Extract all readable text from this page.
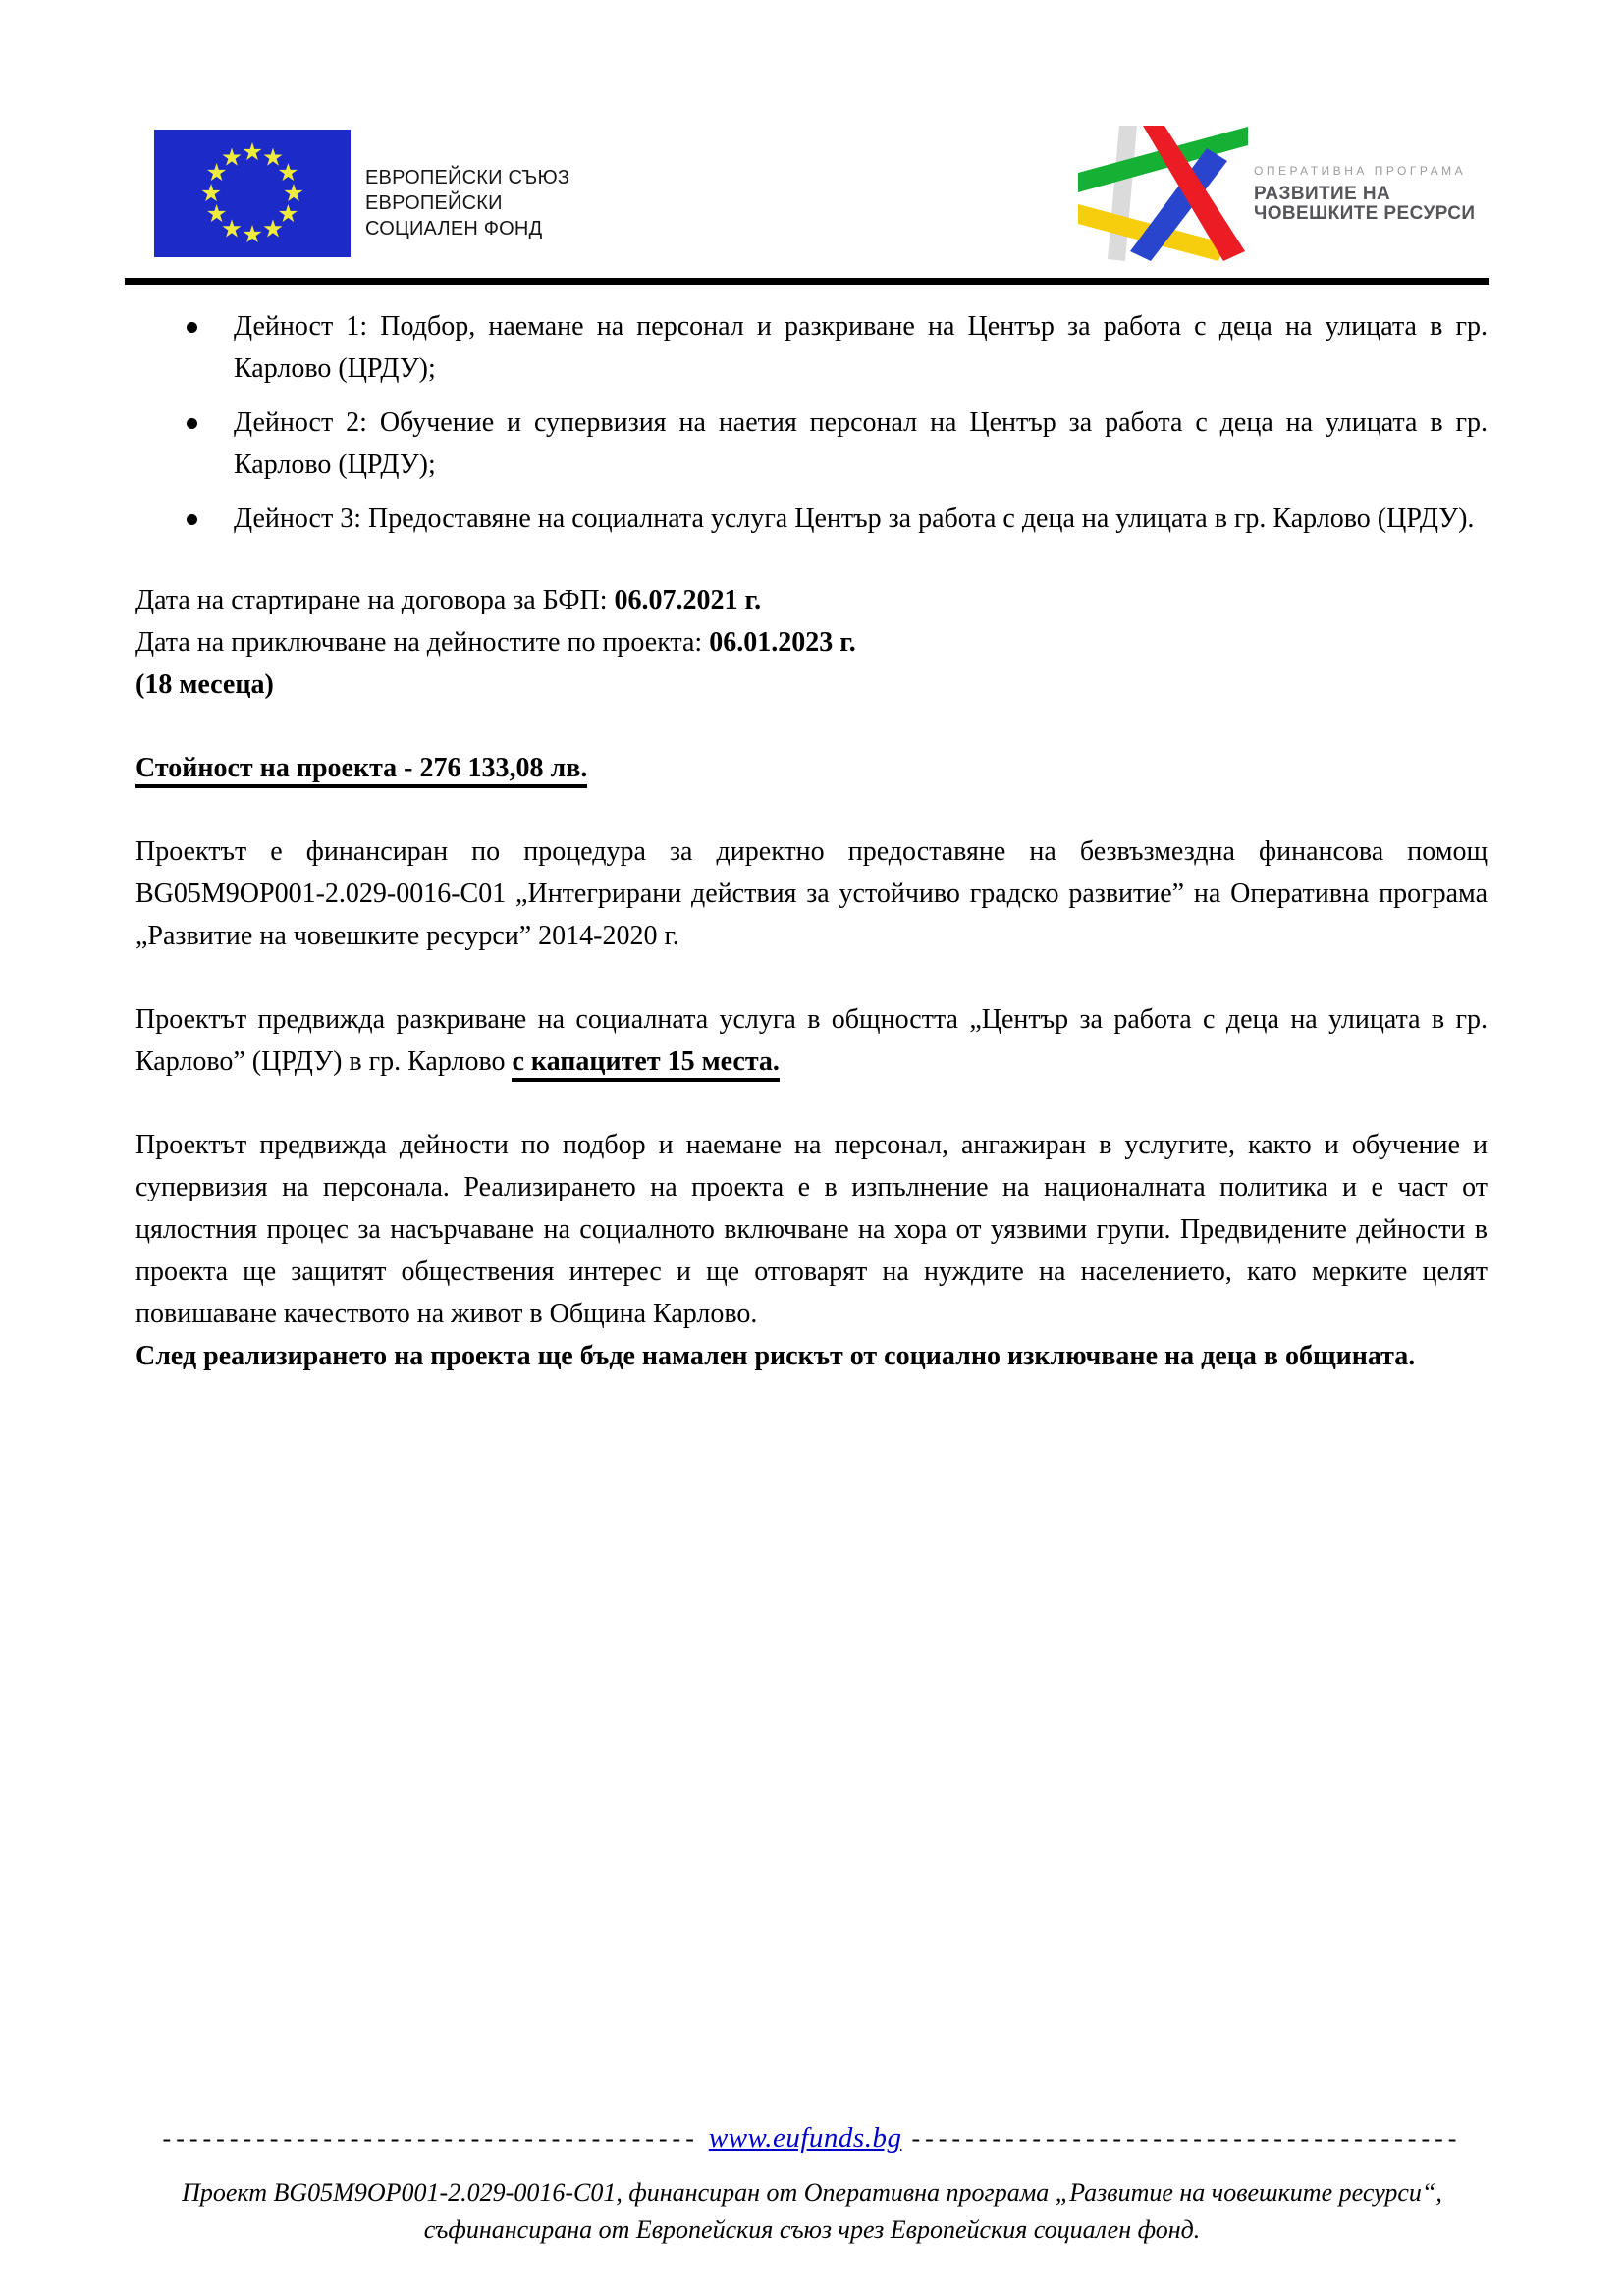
ЕВРОПЕЙСКИ СЪЮЗ
ЕВРОПЕЙСКИ
СОЦИАЛЕН ФОНД
ОПЕРАТИВНА ПРОГРАМА
РАЗВИТИЕ НА
ЧОВЕШКИТЕ РЕСУРСИ
Дейност 1: Подбор, наемане на персонал и разкриване на Център за работа с деца на улицата в гр. Карлово (ЦРДУ);
Дейност 2: Обучение и супервизия на наетия персонал на Център за работа с деца на улицата в гр. Карлово (ЦРДУ);
Дейност 3: Предоставяне на социалната услуга Център за работа с деца на улицата в гр. Карлово (ЦРДУ).
Дата на стартиране на договора за БФП: 06.07.2021 г.
Дата на приключване на дейностите по проекта: 06.01.2023 г.
(18 месеца)
Стойност на проекта - 276 133,08 лв.

Проектът е финансиран по процедура за директно предоставяне на безвъзмездна финансова помощ BG05M9OP001-2.029-0016-C01 „Интегрирани действия за устойчиво градско развитие” на Оперативна програма „Развитие на човешките ресурси” 2014-2020 г.

Проектът предвижда разкриване на социалната услуга в общността „Център за работа с деца на улицата в гр. Карлово” (ЦРДУ) в гр. Карлово с капацитет 15 места.

Проектът предвижда дейности по подбор и наемане на персонал, ангажиран в услугите, както и обучение и супервизия на персонала. Реализирането на проекта е в изпълнение на националната политика и е част от цялостния процес за насърчаване на социалното включване на хора от уязвими групи. Предвидените дейности в проекта ще защитят обществения интерес и ще отговарят на нуждите на населението, като мерките целят повишаване качеството на живот в Община Карлово.

След реализирането на проекта ще бъде намален рискът от социално изключване на деца в общината.

---------------------------------------- www.eufunds.bg -----------------------------------------
Проект BG05M9OP001-2.029-0016-C01, финансиран от Оперативна програма „Развитие на човешките ресурси“, съфинансирана от Европейския съюз чрез Европейския социален фонд.
